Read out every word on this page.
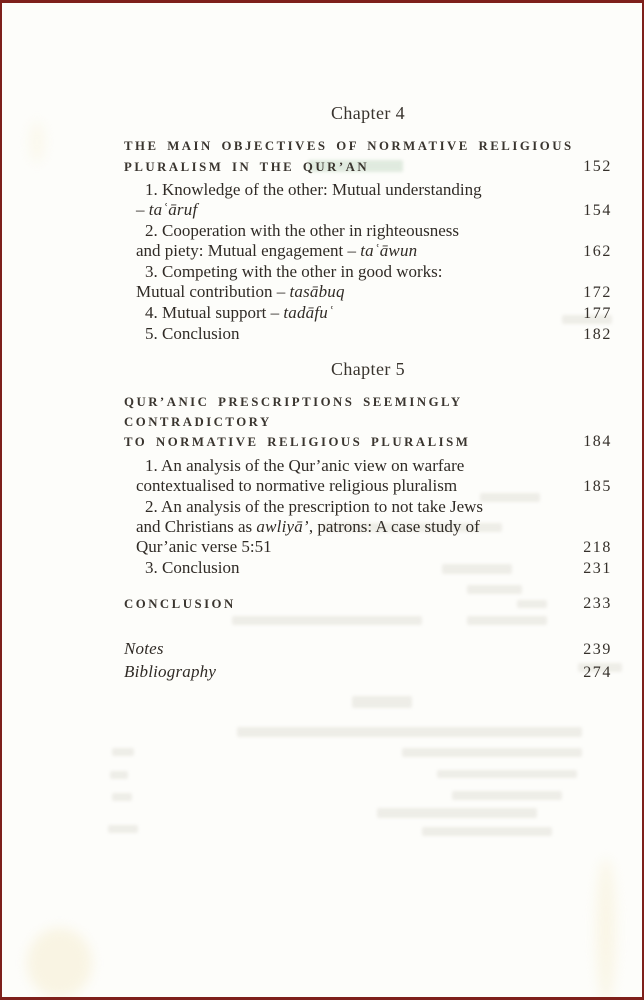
Chapter 4
THE MAIN OBJECTIVES OF NORMATIVE RELIGIOUS
PLURALISM IN THE QUR’AN	152
1. Knowledge of the other: Mutual understanding
– taʿāruf	154
2. Cooperation with the other in righteousness
and piety: Mutual engagement – taʿāwun	162
3. Competing with the other in good works:
Mutual contribution – tasābuq	172
4. Mutual support – tadāfuʿ	177
5. Conclusion	182
Chapter 5
QUR’ANIC PRESCRIPTIONS SEEMINGLY CONTRADICTORY
TO NORMATIVE RELIGIOUS PLURALISM	184
1. An analysis of the Qur’anic view on warfare
contextualised to normative religious pluralism	185
2. An analysis of the prescription to not take Jews
and Christians as awliyā’, patrons: A case study of
Qur’anic verse 5:51	218
3. Conclusion	231
CONCLUSION	233
Notes	239
Bibliography	274
